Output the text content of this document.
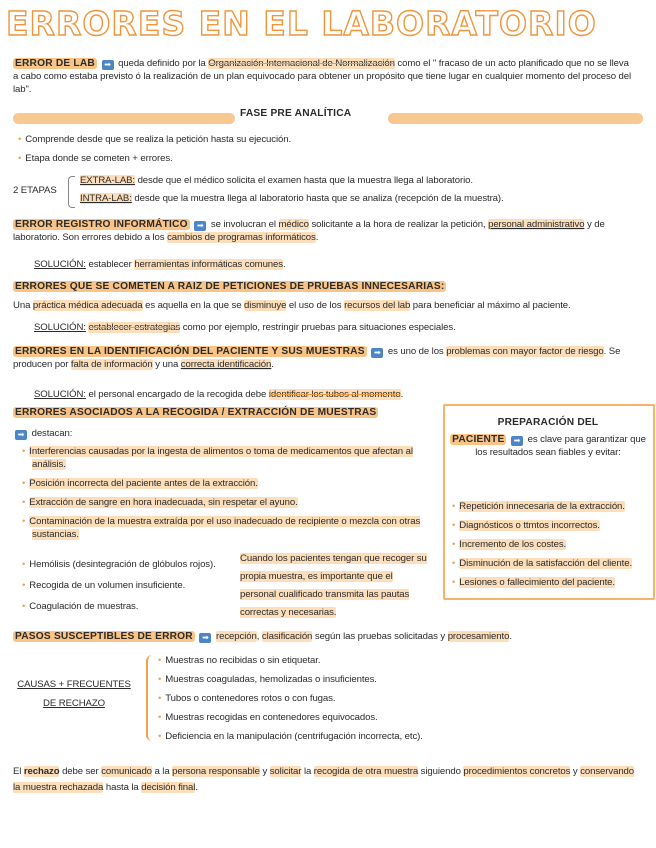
ERRORES EN EL LABORATORIO
ERROR DE LAB ➡ queda definido por la Organización Internacional de Normalización como el " fracaso de un acto planificado que no se lleva a cabo como estaba previsto ó la realización de un plan equivocado para obtener un propósito que tiene lugar en cualquier momento del proceso del lab".
FASE PRE ANALÍTICA
• Comprende desde que se realiza la petición hasta su ejecución.
• Etapa donde se cometen + errores.
2 ETAPAS
EXTRA-LAB: desde que el médico solicita el examen hasta que la muestra llega al laboratorio.
INTRA-LAB: desde que la muestra llega al laboratorio hasta que se analiza (recepción de la muestra).
ERROR REGISTRO INFORMÁTICO ➡ se involucran el médico solicitante a la hora de realizar la petición, personal administrativo y de laboratorio. Son errores debido a los cambios de programas informáticos.
SOLUCIÓN: establecer herramientas informáticas comunes.
ERRORES QUE SE COMETEN A RAIZ DE PETICIONES DE PRUEBAS INNECESARIAS:
Una práctica médica adecuada es aquella en la que se disminuye el uso de los recursos del lab para beneficiar al máximo al paciente.
SOLUCIÓN: establecer estrategias como por ejemplo, restringir pruebas para situaciones especiales.
ERRORES EN LA IDENTIFICACIÓN DEL PACIENTE Y SUS MUESTRAS ➡ es uno de los problemas con mayor factor de riesgo. Se producen por falta de información y una correcta identificación.
SOLUCIÓN: el personal encargado de la recogida debe identificar los tubos al momento.
ERRORES ASOCIADOS A LA RECOGIDA / EXTRACCIÓN DE MUESTRAS
➡ destacan:
• Interferencias causadas por la ingesta de alimentos o toma de medicamentos que afectan al análisis.
• Posición incorrecta del paciente antes de la extracción.
• Extracción de sangre en hora inadecuada, sin respetar el ayuno.
• Contaminación de la muestra extraída por el uso inadecuado de recipiente o mezcla con otras sustancias.
• Hemólisis (desintegración de glóbulos rojos).
• Recogida de un volumen insuficiente.
• Coagulación de muestras.
Cuando los pacientes tengan que recoger su propia muestra, es importante que el personal cualificado transmita las pautas correctas y necesarias.
PREPARACIÓN DEL
PACIENTE ➡ es clave para garantizar que los resultados sean fiables y evitar:
• Repetición innecesaria de la extracción.
• Diagnósticos o ttmtos incorrectos.
• Incremento de los costes.
• Disminución de la satisfacción del cliente.
• Lesiones o fallecimiento del paciente.
PASOS SUSCEPTIBLES DE ERROR ➡ recepción, clasificación según las pruebas solicitadas y procesamiento.
CAUSAS + FRECUENTES
DE RECHAZO
• Muestras no recibidas o sin etiquetar.
• Muestras coaguladas, hemolizadas o insuficientes.
• Tubos o contenedores rotos o con fugas.
• Muestras recogidas en contenedores equivocados.
• Deficiencia en la manipulación (centrifugación incorrecta, etc).
El rechazo debe ser comunicado a la persona responsable y solicitar la recogida de otra muestra siguiendo procedimientos concretos y conservando la muestra rechazada hasta la decisión final.
